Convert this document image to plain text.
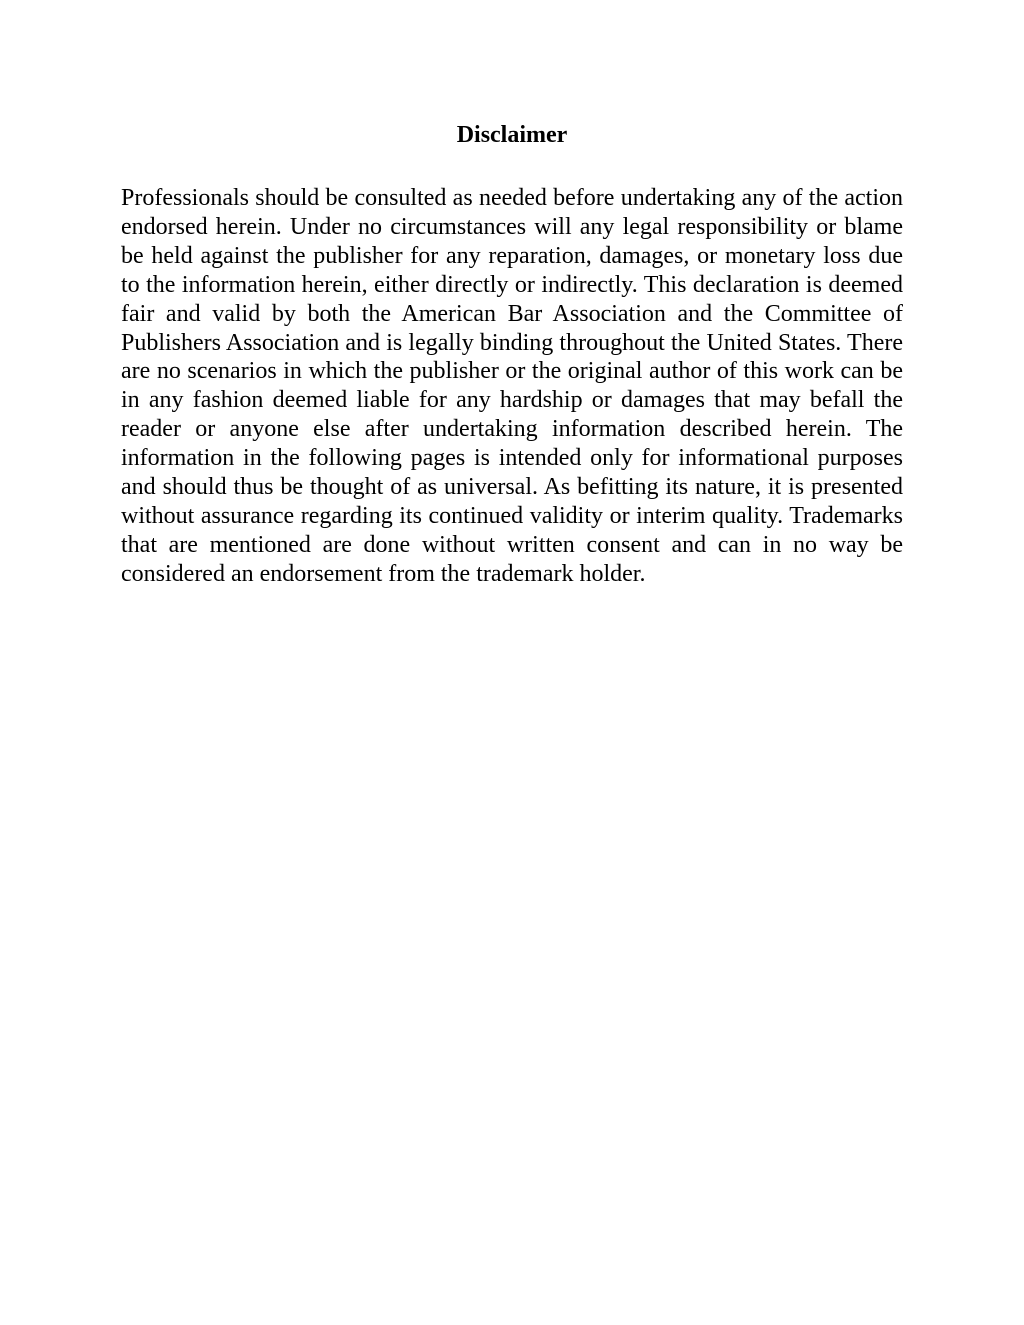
Disclaimer

Professionals should be consulted as needed before undertaking any of the action endorsed herein. Under no circumstances will any legal responsibility or blame be held against the publisher for any reparation, damages, or monetary loss due to the information herein, either directly or indirectly. This declaration is deemed fair and valid by both the American Bar Association and the Committee of Publishers Association and is legally binding throughout the United States. There are no scenarios in which the publisher or the original author of this work can be in any fashion deemed liable for any hardship or damages that may befall the reader or anyone else after undertaking information described herein. The information in the following pages is intended only for informational purposes and should thus be thought of as universal. As befitting its nature, it is presented without assurance regarding its continued validity or interim quality. Trademarks that are mentioned are done without written consent and can in no way be considered an endorsement from the trademark holder.
